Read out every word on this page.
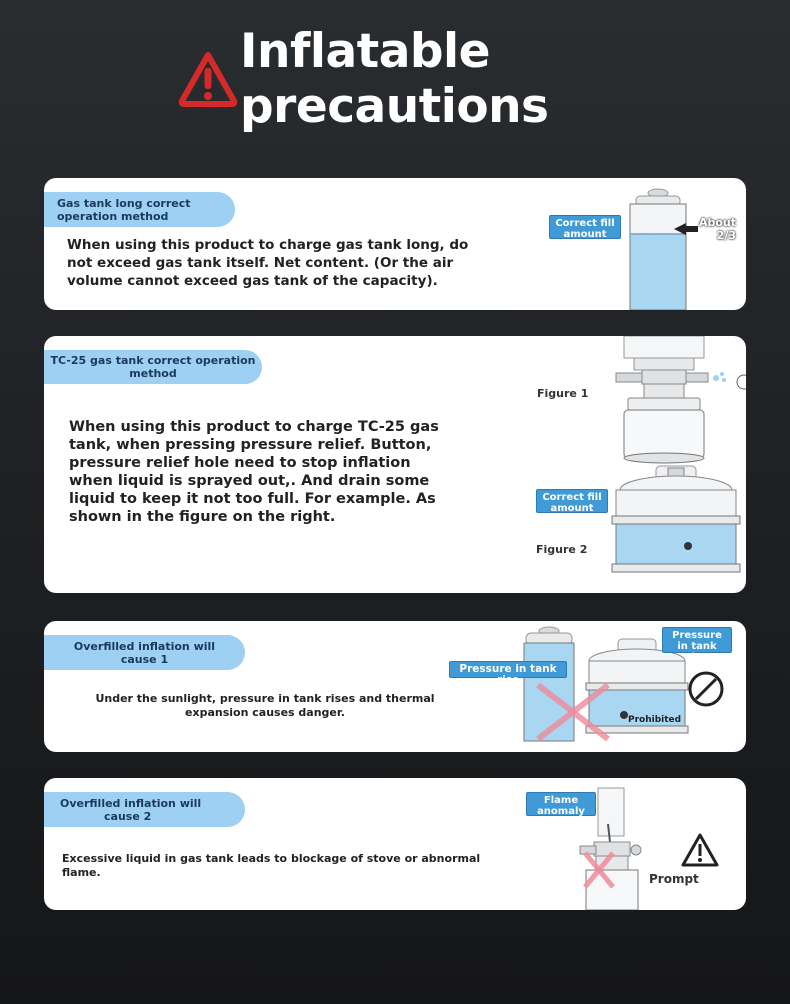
Inflatable precautions
Gas tank long correct
operation method
When using this product to charge gas tank long, do not exceed gas tank itself. Net content. (Or the air volume cannot exceed gas tank of the capacity).
Correct fill amount
About 2/3
TC-25 gas tank correct operation
method
When using this product to charge TC-25 gas tank, when pressing pressure relief. Button, pressure relief hole need to stop inflation when liquid is sprayed out,. And drain some liquid to keep it not too full. For example. As shown in the figure on the right.
Figure 1
Correct fill amount
Figure 2
Overfilled inflation will
cause 1
Under the sunlight, pressure in tank rises and thermal expansion causes danger.
Pressure in tank rise
Prohibited
Pressure in tank rise
Overfilled inflation will
cause 2
Excessive liquid in gas tank leads to blockage of stove or abnormal flame.
Flame anomaly
Prompt
